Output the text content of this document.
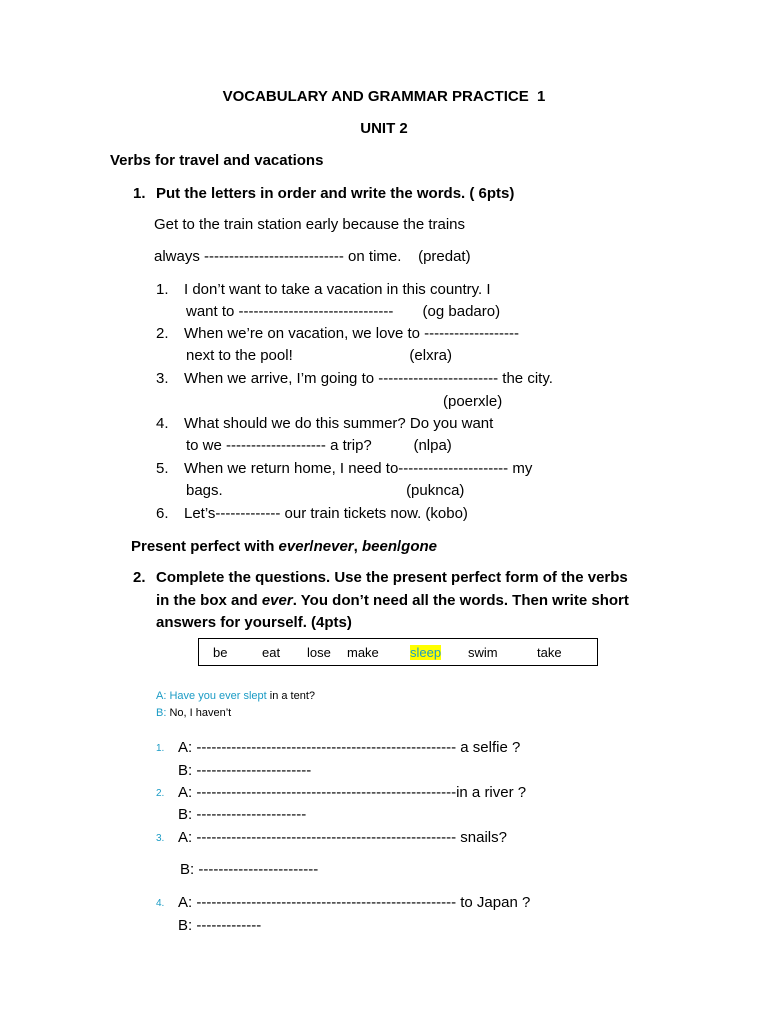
VOCABULARY AND GRAMMAR PRACTICE  1
UNIT 2
Verbs for travel and vacations
1. Put the letters in order and write the words. ( 6pts)
Get to the train station early because the trains
always ---------------------------- on time.    (predat)
1. I don’t want to take a vacation in this country. I
want to -------------------------------       (og badaro)
2. When we’re on vacation, we love to -------------------
next to the pool!                            (elxra)
3. When we arrive, I’m going to ------------------------ the city.
(poerxle)
4. What should we do this summer? Do you want
to we -------------------- a trip?          (nlpa)
5. When we return home, I need to---------------------- my
bags.                                            (puknca)
6. Let’s------------- our train tickets now. (kobo)
Present perfect with ever/never, been/gone
2. Complete the questions. Use the present perfect form of the verbs
in the box and ever. You don’t need all the words. Then write short
answers for yourself. (4pts)
be	eat lose make sleep swim	take
A: Have you ever slept in a tent?
B: No, I haven’t
1. A: ---------------------------------------------------- a selfie ?
B: -----------------------
2. A: ----------------------------------------------------in a river ?
B: ----------------------
3. A: ---------------------------------------------------- snails?
B: ------------------------
4. A: ---------------------------------------------------- to Japan ?
B: -------------
